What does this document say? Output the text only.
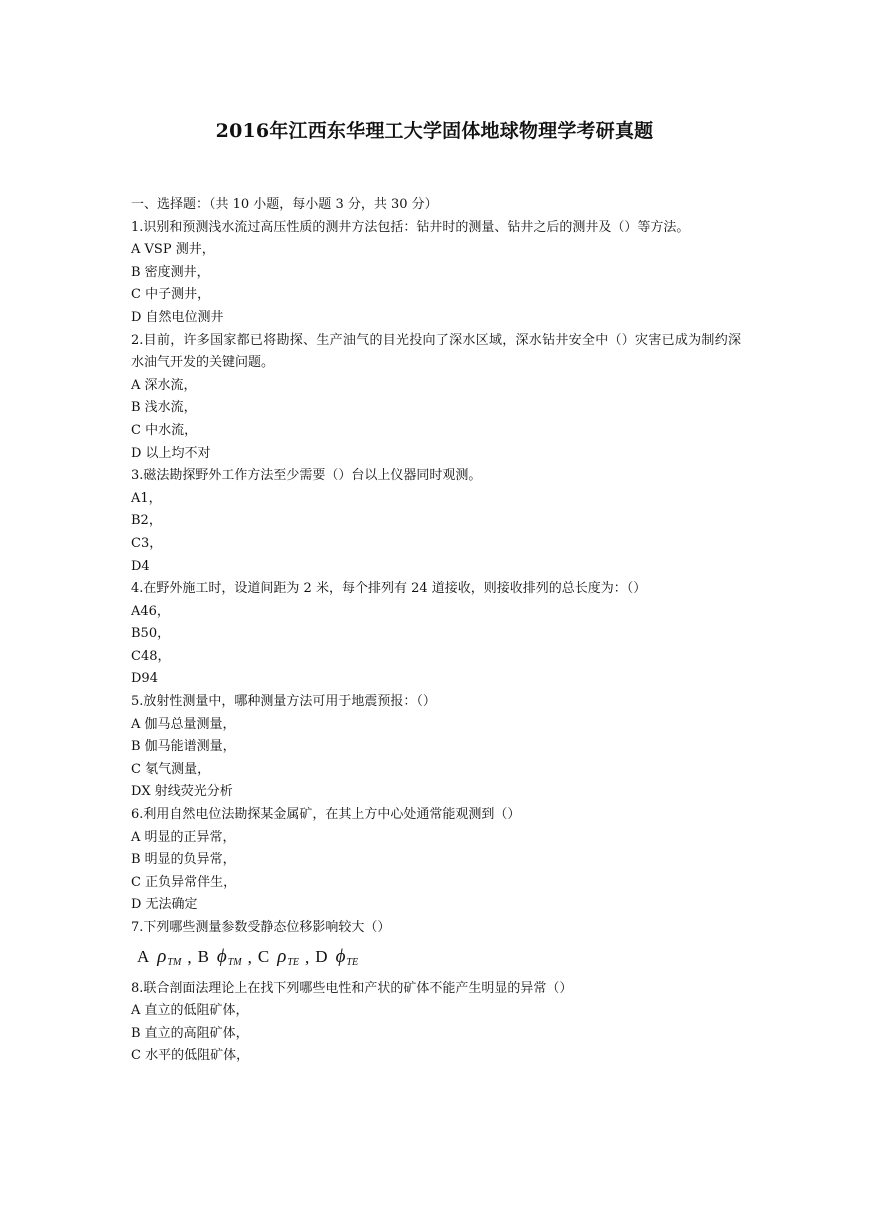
2016年江西东华理工大学固体地球物理学考研真题
一、选择题：（共 10 小题，每小题 3 分，共 30 分）
1.识别和预测浅水流过高压性质的测井方法包括：钻井时的测量、钻井之后的测井及（）等方法。
A VSP 测井，
B 密度测井，
C 中子测井，
D 自然电位测井
2.目前，许多国家都已将勘探、生产油气的目光投向了深水区域，深水钻井安全中（）灾害已成为制约深水油气开发的关键问题。
A 深水流，
B 浅水流，
C 中水流，
D 以上均不对
3.磁法勘探野外工作方法至少需要（）台以上仪器同时观测。
A1，
B2，
C3，
D4
4.在野外施工时，设道间距为 2 米，每个排列有 24 道接收，则接收排列的总长度为：（）
A46，
B50，
C48，
D94
5.放射性测量中，哪种测量方法可用于地震预报：（）
A 伽马总量测量，
B 伽马能谱测量，
C 氡气测量，
DX 射线荧光分析
6.利用自然电位法勘探某金属矿，在其上方中心处通常能观测到（）
A 明显的正异常，
B 明显的负异常，
C 正负异常伴生，
D 无法确定
7.下列哪些测量参数受静态位移影响较大（）
A ρ TM , B ϕ TM , C ρ TE , D ϕ TE
8.联合剖面法理论上在找下列哪些电性和产状的矿体不能产生明显的异常（）
A 直立的低阻矿体，
B 直立的高阻矿体，
C 水平的低阻矿体，
